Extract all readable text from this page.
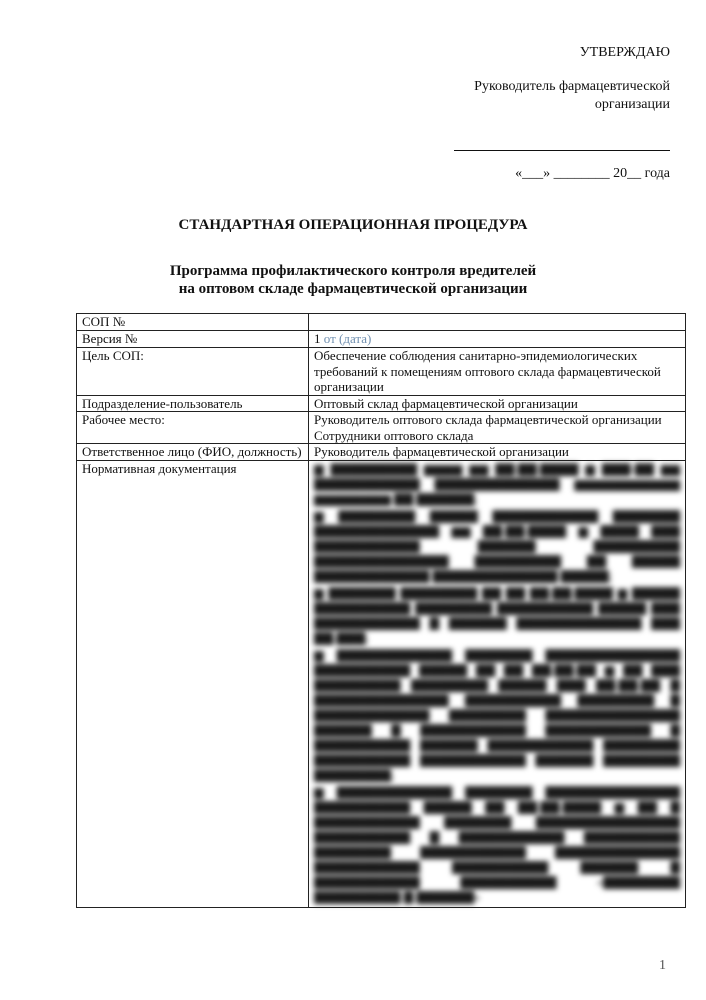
УТВЕРЖДАЮ
Руководитель фармацевтической организации
«___» ________ 20__ года
СТАНДАРТНАЯ ОПЕРАЦИОННАЯ ПРОЦЕДУРА
Программа профилактического контроля вредителей
на оптовом складе фармацевтической организации
СОП №	
Версия №	1 от (дата)
Цель СОП:	Обеспечение соблюдения санитарно-эпидемиологических требований к помещениям оптового склада фармацевтической организации
Подразделение-пользователь	Оптовый склад фармацевтической организации
Рабочее место:	Руководитель оптового склада фармацевтической организации
Сотрудники оптового склада

Ответственное лицо (ФИО, должность)	Руководитель фармацевтической организации
Нормативная документация	▆ ▇▇▇▇▇▇▇▇▇ ▆▆▆▆ ▆▆ ▇▇.▇▇.▇▇▇▇ ▆ ▇▇▇-▇▇ ▆▆ ▇▇▇▇▇▇▇▇▇▇▇ ▇▇▇▇▇▇▇▇▇▇▇▇▇ ▆▆▆▆▆▆▆▆▆▆▆ ▆▆▆▆▆▆▆▆ ▇▇ ▇▇▇▇▇▇;

▆ ▇▇▇▇▇▇▇▇ ▇▇▇▇▇ ▇▇▇▇▇▇▇▇▇▇▇ ▇▇▇▇▇▇▇ ▇▇▇▇▇▇▇▇▇▇▇▇▇ ▆▆ ▇▇.▇▇.▇▇▇▇ ▆ ▇▇▇▇ ▇▇▇ ▇▇▇▇▇▇▇▇▇▇▇ ▇▇▇▇▇▇ ▇▇▇▇▇▇▇▇▇ ▇▇▇▇▇▇▇▇▇▇▇▇▇▇ ▇▇▇▇▇▇▇▇▇ ▇▇ ▇▇▇▇▇ ▇▇▇▇▇▇▇▇▇▇▇▇ ▇▇▇▇▇▇▇▇▇▇▇▇▇ ▇▇▇▇▇;

▆ ▇▇▇▇▇▇▇ ▇▇▇▇▇▇▇▇ ▇▇ ▇▇ ▇▇.▇▇.▇▇▇▇ ▆ ▇▇▇▇▇ ▇▇▇▇▇▇▇▇▇▇ ▇▇▇▇▇▇▇▇ ▇▇▇▇▇▇▇▇▇▇ ▇▇▇▇▇ ▇▇▇ ▇▇▇▇▇▇▇▇▇▇▇ ▇ ▇▇▇▇▇▇ ▇▇▇▇▇▇▇▇▇▇▇▇▇ ▇▇▇ ▇▇.▇▇▇;

▆ ▇▇▇▇▇▇▇▇▇▇▇▇ ▇▇▇▇▇▇▇ ▇▇▇▇▇▇▇▇▇▇▇▇▇▇ ▇▇▇▇▇▇▇▇▇▇ ▇▇▇▇▇ ▇▇ ▇▇ ▇▇.▇▇.▇▇ ▆ ▇▇ ▇▇▇ ▇▇▇▇▇▇▇▇▇ ▇▇▇▇▇▇▇▇ ▇▇▇▇▇ ▇▇▇ ▇▇.▇▇.▇▇ ▇ ▇▇▇▇▇▇▇▇▇▇▇▇▇▇ ▇▇▇▇▇▇▇▇▇▇ ▇▇▇▇▇▇▇▇ ▇ ▇▇▇▇▇▇▇▇▇▇▇▇ ▇▇▇▇▇▇▇▇ ▇▇▇▇▇▇▇▇▇▇▇▇▇▇ ▇▇▇▇▇▇ ▇ ▇▇▇▇▇▇▇▇▇▇▇ ▇▇▇▇▇▇▇▇▇▇▇ ▇ ▇▇▇▇▇▇▇▇▇▇ ▇▇▇▇▇▇ ▇▇▇▇▇▇▇▇▇▇▇ ▇▇▇▇▇▇▇▇ ▇▇▇▇▇▇▇▇▇▇ ▇▇▇▇▇▇▇▇▇▇▇ ▇▇▇▇▇▇ ▇▇▇▇▇▇▇▇ ▇▇▇▇▇▇▇▇;

▆ ▇▇▇▇▇▇▇▇▇▇▇▇ ▇▇▇▇▇▇▇ ▇▇▇▇▇▇▇▇▇▇▇▇▇▇ ▇▇▇▇▇▇▇▇▇▇ ▇▇▇▇▇ ▇▇ ▇▇.▇▇.▇▇▇▇ ▆ ▇▇ ▇ ▇▇▇▇▇▇▇▇▇▇▇ ▇▇▇▇▇▇▇ ▇▇▇▇▇▇▇▇▇▇▇▇▇▇▇ ▇▇▇▇▇▇▇▇▇▇ ▇ ▇▇▇▇▇▇▇▇▇▇▇ ▇▇▇▇▇▇▇▇▇▇ ▇▇▇▇▇▇▇▇ ▇▇▇▇▇▇▇▇▇▇▇ ▇▇▇▇▇▇▇▇▇▇▇▇▇ ▇▇▇▇▇▇▇▇▇▇▇ ▇▇▇▇▇▇▇▇▇▇ ▇▇▇▇▇▇ ▇ ▇▇▇▇▇▇▇▇▇▇▇ ▇▇▇▇▇▇▇▇▇▇ «▇▇▇▇▇▇▇▇ ▇▇▇▇▇▇▇▇▇ ▇ ▇▇▇▇▇▇»

1
